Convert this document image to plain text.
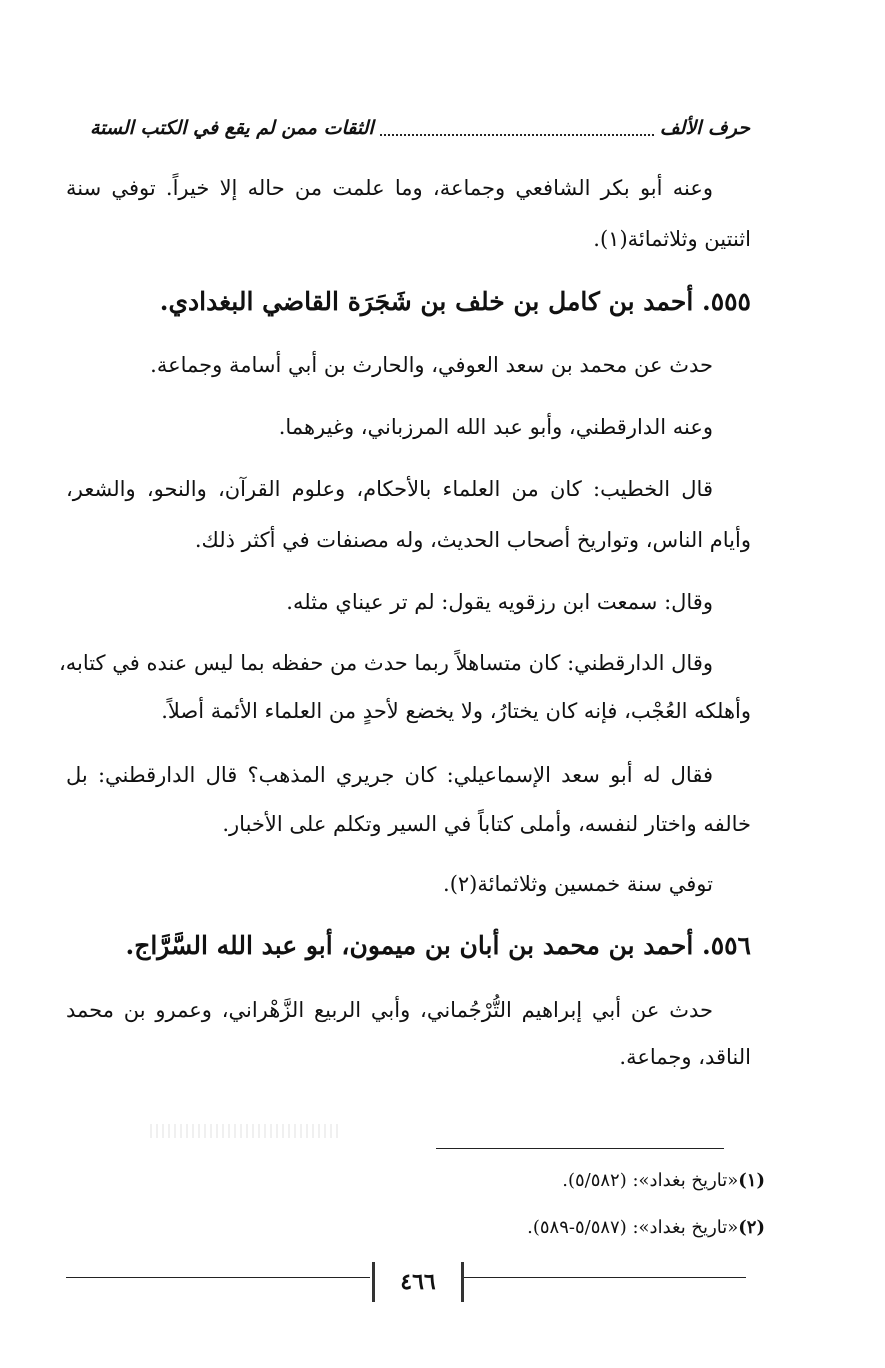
حرف الألف
الثقات ممن لم يقع في الكتب الستة
وعنه أبو بكر الشافعي وجماعة، وما علمت من حاله إلا خيراً. توفي سنة
اثنتين وثلاثمائة(١).
٥٥٥. أحمد بن كامل بن خلف بن شَجَرَة القاضي البغدادي.
حدث عن محمد بن سعد العوفي، والحارث بن أبي أسامة وجماعة.
وعنه الدارقطني، وأبو عبد الله المرزباني، وغيرهما.
قال الخطيب: كان من العلماء بالأحكام، وعلوم القرآن، والنحو، والشعر،
وأيام الناس، وتواريخ أصحاب الحديث، وله مصنفات في أكثر ذلك.
وقال: سمعت ابن رزقويه يقول: لم تر عيناي مثله.
وقال الدارقطني: كان متساهلاً ربما حدث من حفظه بما ليس عنده في كتابه،
وأهلكه العُجْب، فإنه كان يختارُ، ولا يخضع لأحدٍ من العلماء الأئمة أصلاً.
فقال له أبو سعد الإسماعيلي: كان جريري المذهب؟ قال الدارقطني: بل
خالفه واختار لنفسه، وأملى كتاباً في السير وتكلم على الأخبار.
توفي سنة خمسين وثلاثمائة(٢).
٥٥٦. أحمد بن محمد بن أبان بن ميمون، أبو عبد الله السَّرَّاج.
حدث عن أبي إبراهيم التُّرْجُماني، وأبي الربيع الزَّهْراني، وعمرو بن محمد
الناقد، وجماعة.
(١)«تاريخ بغداد»: (٥/٥٨٢).
(٢)«تاريخ بغداد»: (٥/٥٨٧-٥٨٩).
٤٦٦
